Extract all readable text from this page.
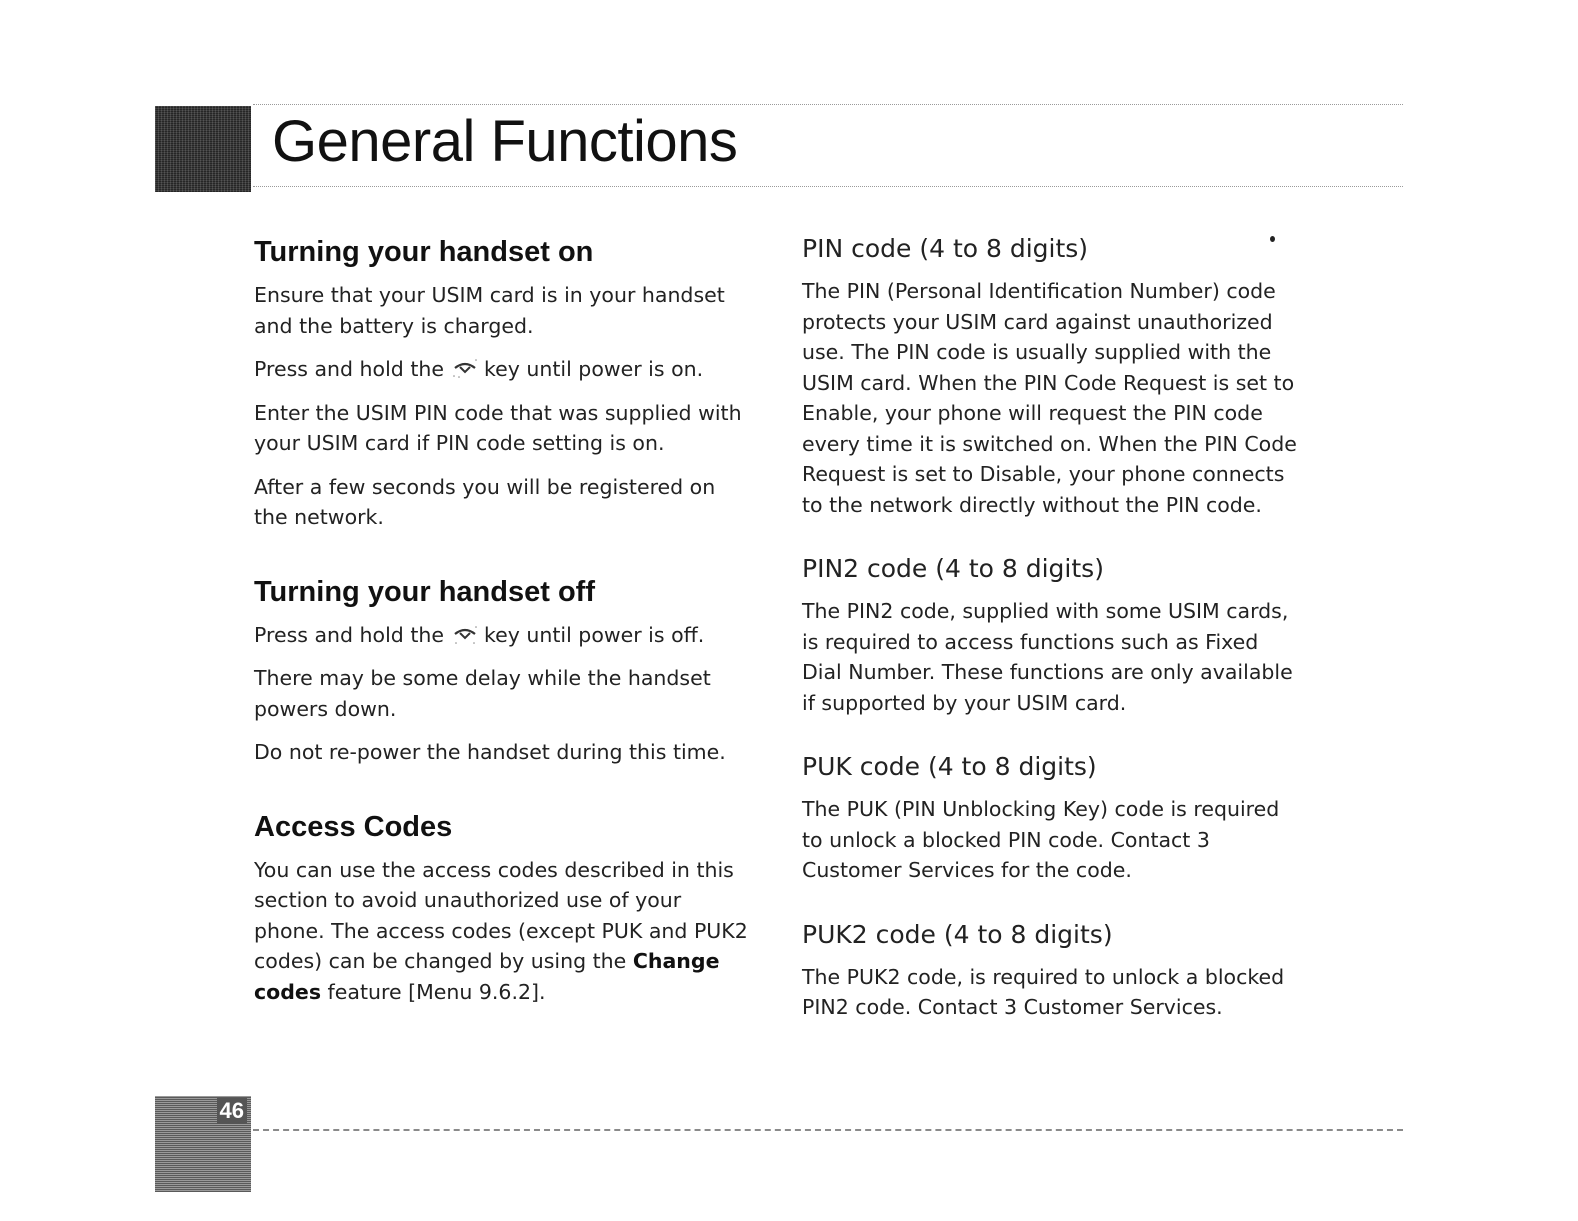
General Functions
Turning your handset on

Ensure that your USIM card is in your handset and the battery is charged.

Press and hold the key until power is on.

Enter the USIM PIN code that was supplied with your USIM card if PIN code setting is on.

After a few seconds you will be registered on the network.

Turning your handset off

Press and hold the key until power is off.

There may be some delay while the handset powers down.

Do not re-power the handset during this time.

Access Codes

You can use the access codes described in this section to avoid unauthorized use of your phone. The access codes (except PUK and PUK2 codes) can be changed by using the Change codes feature [Menu 9.6.2].

PIN code (4 to 8 digits)

The PIN (Personal Identification Number) code protects your USIM card against unauthorized use. The PIN code is usually supplied with the USIM card. When the PIN Code Request is set to Enable, your phone will request the PIN code every time it is switched on. When the PIN Code Request is set to Disable, your phone connects to the network directly without the PIN code.

PIN2 code (4 to 8 digits)

The PIN2 code, supplied with some USIM cards, is required to access functions such as Fixed Dial Number. These functions are only available if supported by your USIM card.

PUK code (4 to 8 digits)

The PUK (PIN Unblocking Key) code is required to unlock a blocked PIN code. Contact 3 Customer Services for the code.

PUK2 code (4 to 8 digits)

The PUK2 code, is required to unlock a blocked PIN2 code. Contact 3 Customer Services.

46
